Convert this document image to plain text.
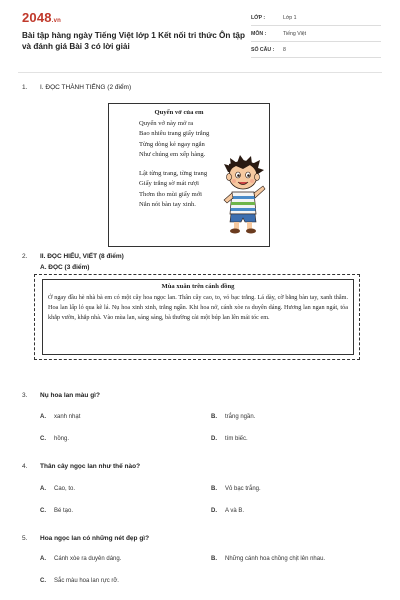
2048.vn
Bài tập hàng ngày Tiếng Việt lớp 1 Kết nối tri thức Ôn tập và đánh giá Bài 3 có lời giải
LỚP :	Lớp 1
MÔN :	Tiếng Việt
SỐ CÂU :	8
1. I. ĐỌC THÀNH TIẾNG (2 điểm)
Quyển vở của em
Quyển vở này mở ra
Bao nhiêu trang giấy trắng
Từng dòng kẻ ngay ngắn
Như chúng em xếp hàng.
Lật từng trang, từng trang
Giấy trắng sờ mát rượi
Thơm tho mùi giấy mới
Nắn nót bàn tay xinh.
2. II. ĐỌC HIỂU, VIẾT (8 điểm)
A. ĐỌC (3 điểm)
Mùa xuân trên cánh đồng
Ở ngay đầu hè nhà bà em có một cây hoa ngọc lan. Thân cây cao, to, vỏ bạc trắng. Lá dày, cỡ bằng bàn tay, xanh thẫm. Hoa lan lấp ló qua kẽ lá. Nụ hoa xinh xinh, trắng ngần. Khi hoa nở, cánh xòe ra duyên dáng. Hương lan ngan ngát, tỏa khắp vườn, khắp nhà. Vào mùa lan, sáng sáng, bà thường cài một búp lan lên mái tóc em.
3. Nụ hoa lan màu gì?
A. xanh nhạt	B. trắng ngần.
C. hồng.	D. tím biếc.
4. Thân cây ngọc lan như thế nào?
A. Cao, to.	B. Vỏ bạc trắng.
C. Bé tạo.	D. A và B.
5. Hoa ngọc lan có những nét đẹp gì?
A. Cánh xòe ra duyên dáng.	B. Những cánh hoa chồng chịt lên nhau.
C. Sắc màu hoa lan rực rỡ.
